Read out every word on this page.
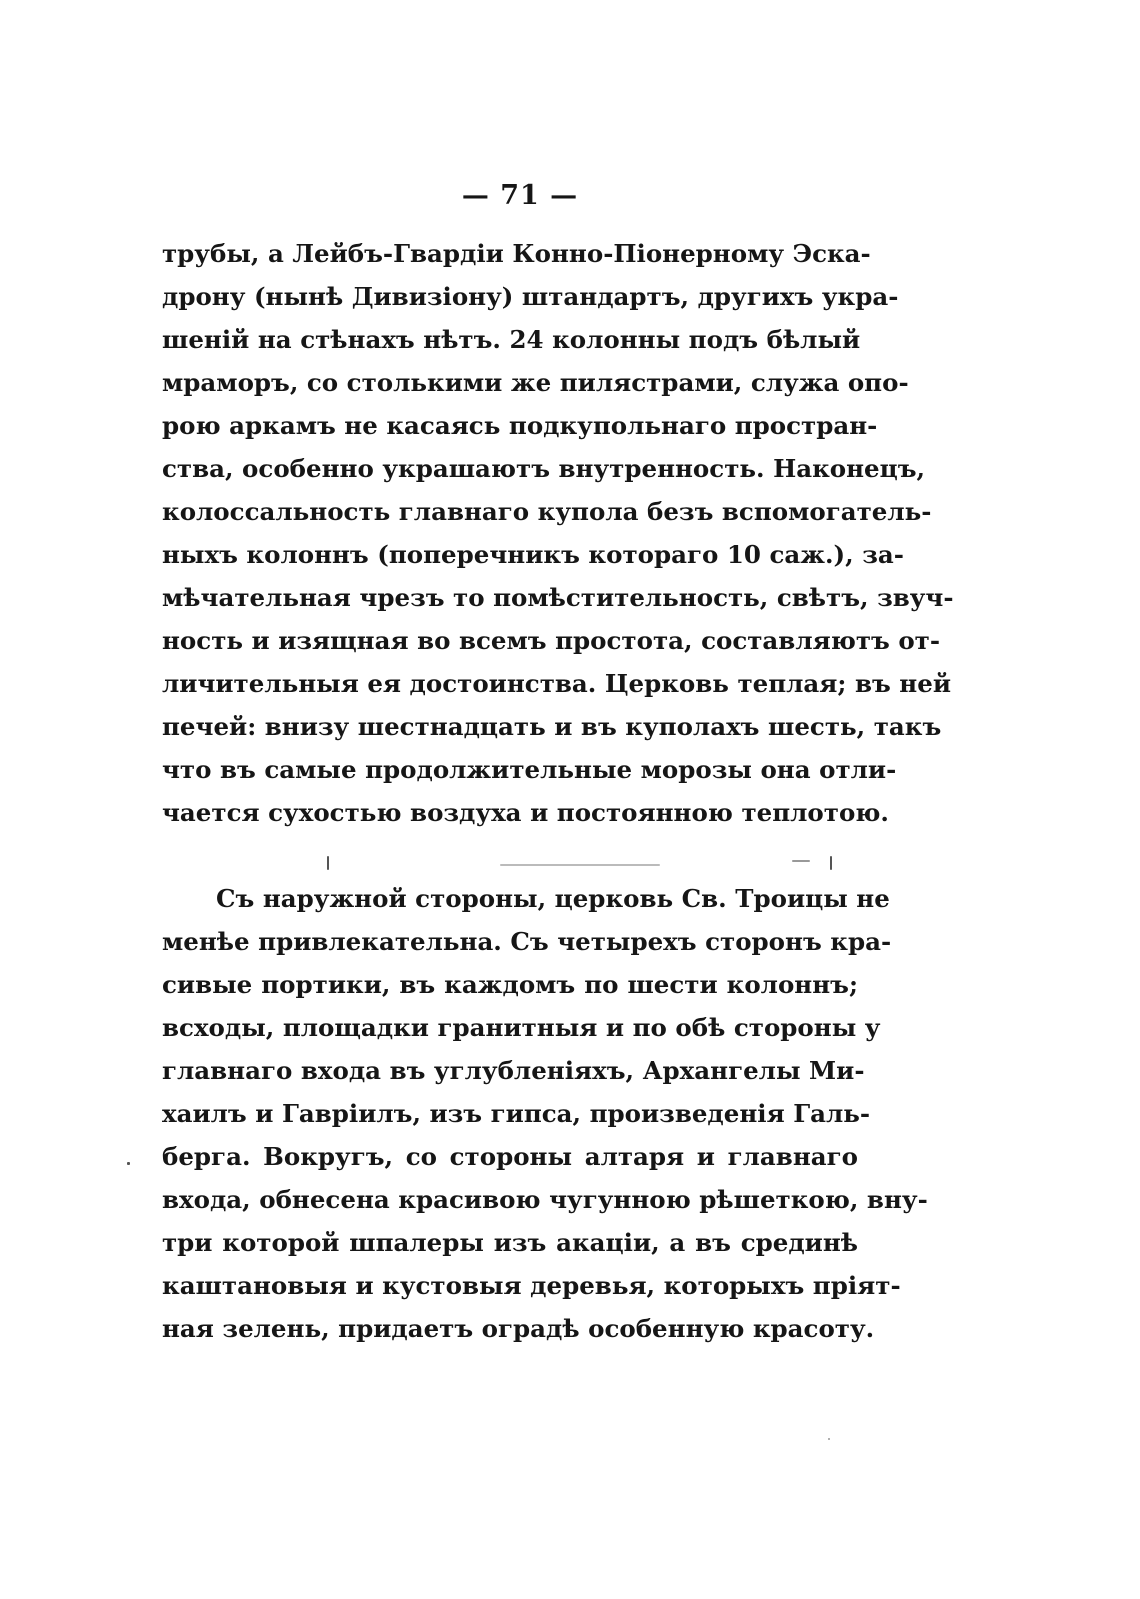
— 71 —
трубы, а Лейбъ-Гвардіи Конно-Піонерному Эска-
дрону (нынѣ Дивизіону) штандартъ, другихъ укра-
шеній на стѣнахъ нѣтъ. 24 колонны подъ бѣлый
мраморъ, со столькими же пилястрами, служа опо-
рою аркамъ не касаясь подкупольнаго простран-
ства, особенно украшаютъ внутренность. Наконецъ,
колоссальность главнаго купола безъ вспомогатель-
ныхъ колоннъ (поперечникъ котораго 10 саж.), за-
мѣчательная чрезъ то помѣстительность, свѣтъ, звуч-
ность и изящная во всемъ простота, составляютъ от-
личительныя ея достоинства. Церковь теплая; въ ней
печей: внизу шестнадцать и въ куполахъ шесть, такъ
что въ самые продолжительные морозы она отли-
чается сухостью воздуха и постоянною теплотою.
Съ наружной стороны, церковь Св. Троицы не
менѣе привлекательна. Съ четырехъ сторонъ кра-
сивые портики, въ каждомъ по шести колоннъ;
всходы, площадки гранитныя и по обѣ стороны у
главнаго входа въ углубленіяхъ, Архангелы Ми-
хаилъ и Гавріилъ, изъ гипса, произведенія Галь-
берга. Вокругъ, со стороны алтаря и главнаго
входа, обнесена красивою чугунною рѣшеткою, вну-
три которой шпалеры изъ акаціи, а въ срединѣ
каштановыя и кустовыя деревья, которыхъ пріят-
ная зелень, придаетъ оградѣ особенную красоту.
